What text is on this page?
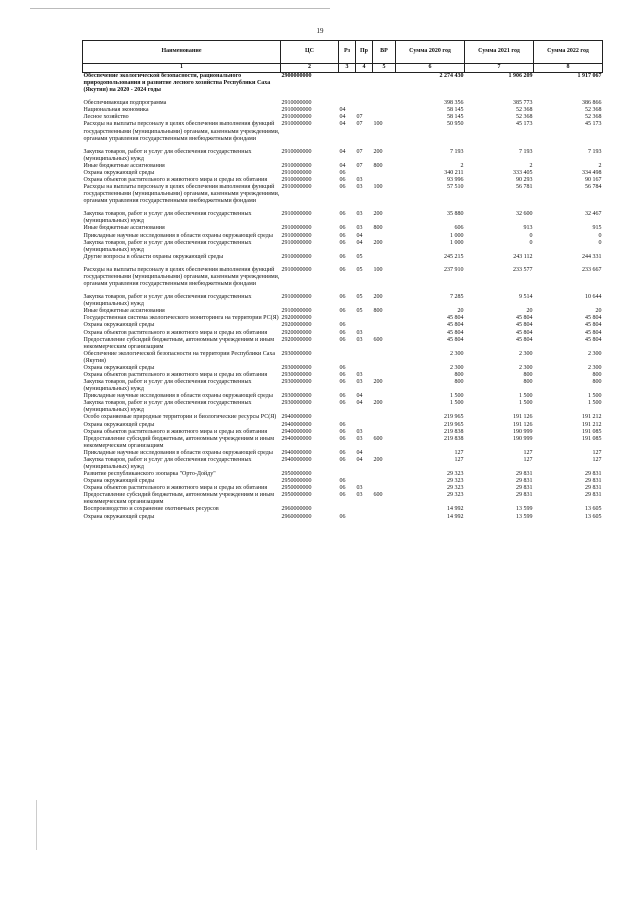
19
Наименование	ЦС	Рз	Пр	ВР	Сумма 2020 год	Сумма 2021 год	Сумма 2022 год
1	2	3	4	5	6	7	8
Обеспечение экологической безопасности, рационального природопользования и развитие лесного хозяйства Республики Саха (Якутия) на 2020 - 2024 годы	2900000000				2 274 430	1 906 209	1 917 067

Обеспечивающая подпрограмма	2910000000				398 356	385 773	386 866
Национальная экономика	2910000000	04			58 145	52 368	52 368
Лесное хозяйство	2910000000	04	07		58 145	52 368	52 368
Расходы на выплаты персоналу в целях обеспечения выполнения функций государственными (муниципальными) органами, казенными учреждениями, органами управления государственными внебюджетными фондами	2910000000	04	07	100	50 950	45 173	45 173

Закупка товаров, работ и услуг для обеспечения государственных (муниципальных) нужд	2910000000	04	07	200	7 193	7 193	7 193
Иные бюджетные ассигнования	2910000000	04	07	800	2	2	2
Охрана окружающей среды	2910000000	06			340 211	333 405	334 498
Охрана объектов растительного и животного мира и среды их обитания	2910000000	06	03		93 996	90 293	90 167
Расходы на выплаты персоналу в целях обеспечения выполнения функций государственными (муниципальными) органами, казенными учреждениями, органами управления государственными внебюджетными фондами	2910000000	06	03	100	57 510	56 781	56 784

Закупка товаров, работ и услуг для обеспечения государственных (муниципальных) нужд	2910000000	06	03	200	35 880	32 600	32 467
Иные бюджетные ассигнования	2910000000	06	03	800	606	913	915
Прикладные научные исследования в области охраны окружающей среды	2910000000	06	04		1 000	0	0
Закупка товаров, работ и услуг для обеспечения государственных (муниципальных) нужд	2910000000	06	04	200	1 000	0	0
Другие вопросы в области охраны окружающей среды	2910000000	06	05		245 215	243 112	244 331

Расходы на выплаты персоналу в целях обеспечения выполнения функций государственными (муниципальными) органами, казенными учреждениями, органами управления государственными внебюджетными фондами	2910000000	06	05	100	237 910	233 577	233 667

Закупка товаров, работ и услуг для обеспечения государственных (муниципальных) нужд	2910000000	06	05	200	7 285	9 514	10 644
Иные бюджетные ассигнования	2910000000	06	05	800	20	20	20
Государственная система экологического мониторинга на территории РС(Я)	2920000000				45 804	45 804	45 804
Охрана окружающей среды	2920000000	06			45 804	45 804	45 804
Охрана объектов растительного и животного мира и среды их обитания	2920000000	06	03		45 804	45 804	45 804
Предоставление субсидий бюджетным, автономным учреждениям и иным некоммерческим организациям	2920000000	06	03	600	45 804	45 804	45 804
Обеспечение экологической безопасности на территории Республики Саха (Якутия)	2930000000				2 300	2 300	2 300
Охрана окружающей среды	2930000000	06			2 300	2 300	2 300
Охрана объектов растительного и животного мира и среды их обитания	2930000000	06	03		800	800	800
Закупка товаров, работ и услуг для обеспечения государственных (муниципальных) нужд	2930000000	06	03	200	800	800	800
Прикладные научные исследования в области охраны окружающей среды	2930000000	06	04		1 500	1 500	1 500
Закупка товаров, работ и услуг для обеспечения государственных (муниципальных) нужд	2930000000	06	04	200	1 500	1 500	1 500
Особо охраняемые природные территории и биологические ресурсы РС(Я)	2940000000				219 965	191 126	191 212
Охрана окружающей среды	2940000000	06			219 965	191 126	191 212
Охрана объектов растительного и животного мира и среды их обитания	2940000000	06	03		219 838	190 999	191 085
Предоставление субсидий бюджетным, автономным учреждениям и иным некоммерческим организациям	2940000000	06	03	600	219 838	190 999	191 085
Прикладные научные исследования в области охраны окружающей среды	2940000000	06	04		127	127	127
Закупка товаров, работ и услуг для обеспечения государственных (муниципальных) нужд	2940000000	06	04	200	127	127	127
Развитие республиканского зоопарка "Орто-Дойду"	2950000000				29 323	29 831	29 831
Охрана окружающей среды	2950000000	06			29 323	29 831	29 831
Охрана объектов растительного и животного мира и среды их обитания	2950000000	06	03		29 323	29 831	29 831
Предоставление субсидий бюджетным, автономным учреждениям и иным некоммерческим организациям	2950000000	06	03	600	29 323	29 831	29 831
Воспроизводство и сохранение охотничьих ресурсов	2960000000				14 992	13 599	13 605
Охрана окружающей среды	2960000000	06			14 992	13 599	13 605
